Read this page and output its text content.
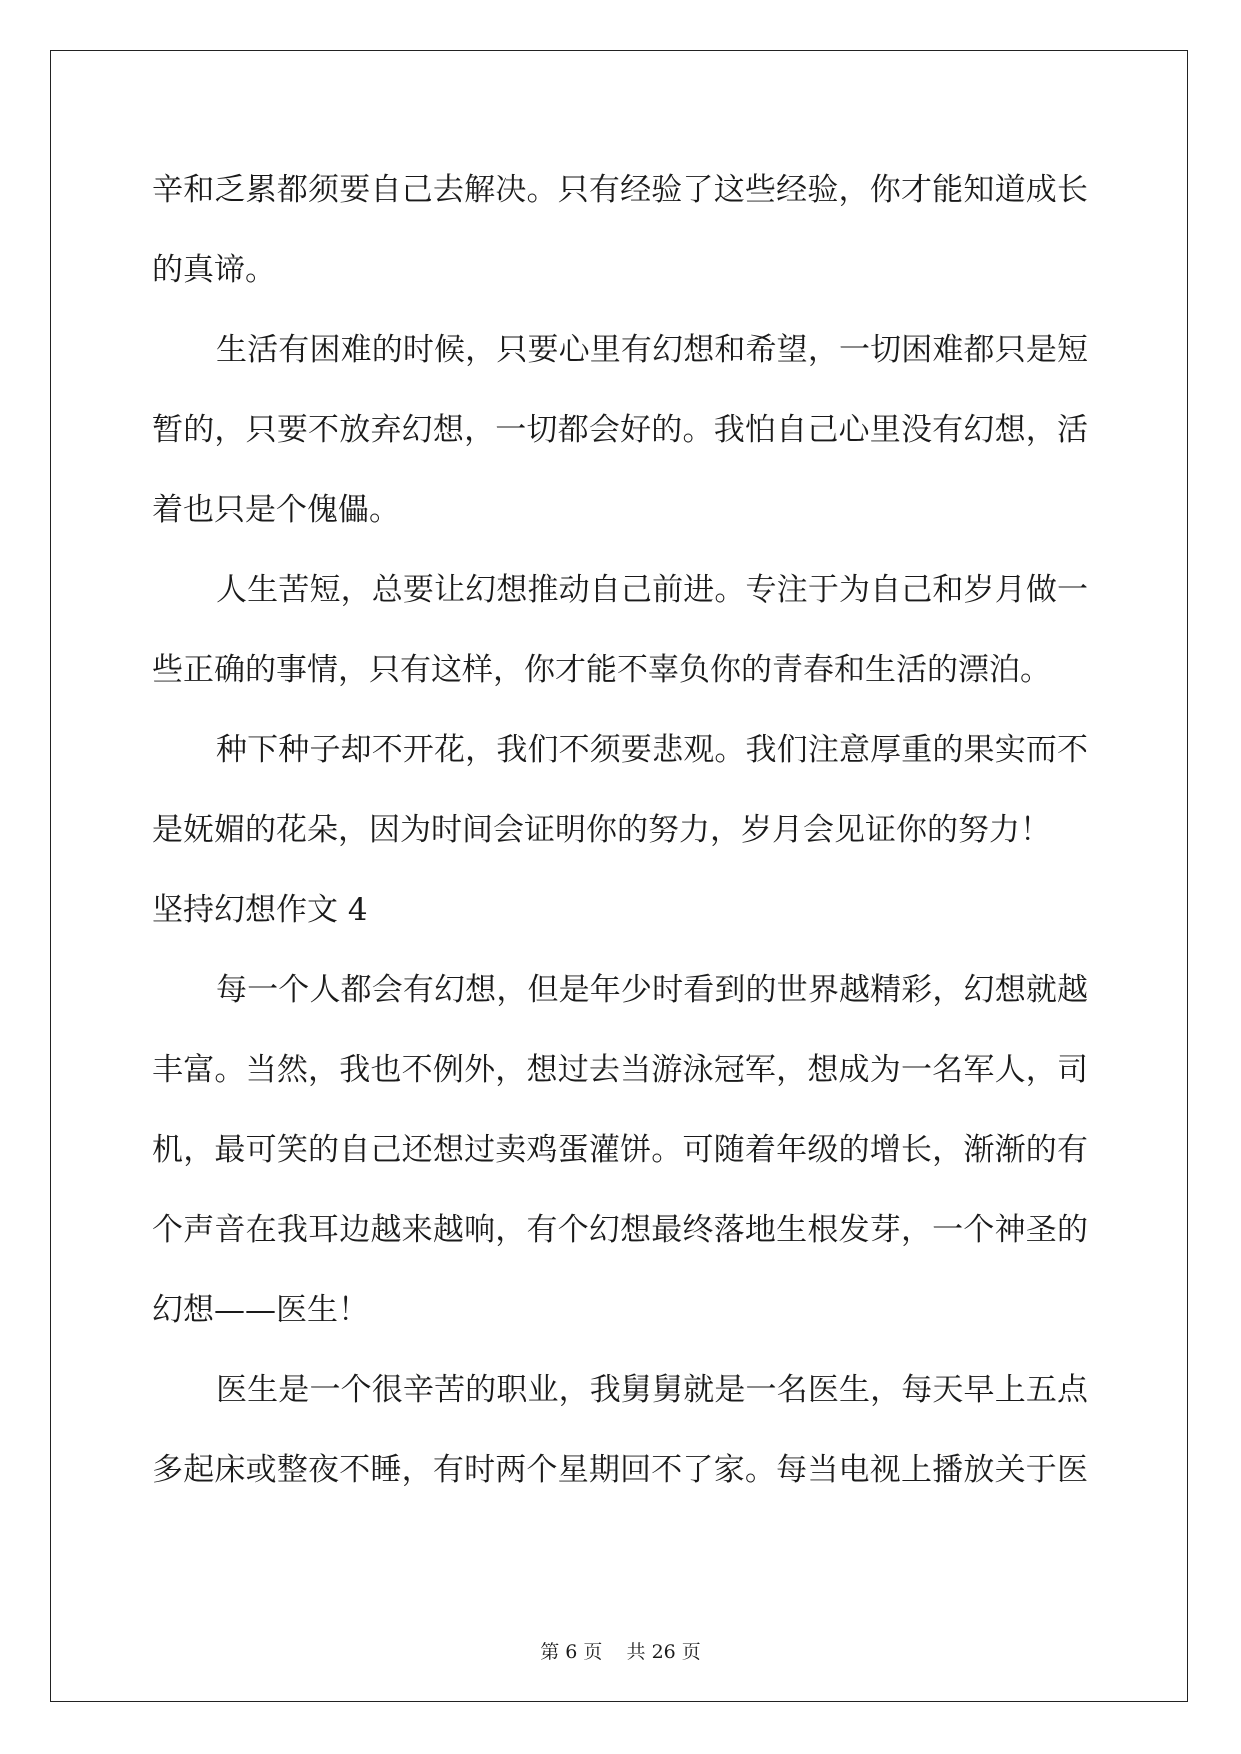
辛和乏累都须要自己去解决。只有经验了这些经验，你才能知道成长
的真谛。
生活有困难的时候，只要心里有幻想和希望，一切困难都只是短
暂的，只要不放弃幻想，一切都会好的。我怕自己心里没有幻想，活
着也只是个傀儡。
人生苦短，总要让幻想推动自己前进。专注于为自己和岁月做一
些正确的事情，只有这样，你才能不辜负你的青春和生活的漂泊。
种下种子却不开花，我们不须要悲观。我们注意厚重的果实而不
是妩媚的花朵，因为时间会证明你的努力，岁月会见证你的努力！
坚持幻想作文 4
每一个人都会有幻想，但是年少时看到的世界越精彩，幻想就越
丰富。当然，我也不例外，想过去当游泳冠军，想成为一名军人，司
机，最可笑的自己还想过卖鸡蛋灌饼。可随着年级的增长，渐渐的有
个声音在我耳边越来越响，有个幻想最终落地生根发芽，一个神圣的
幻想——医生！
医生是一个很辛苦的职业，我舅舅就是一名医生，每天早上五点
多起床或整夜不睡，有时两个星期回不了家。每当电视上播放关于医
第 6 页 共 26 页
